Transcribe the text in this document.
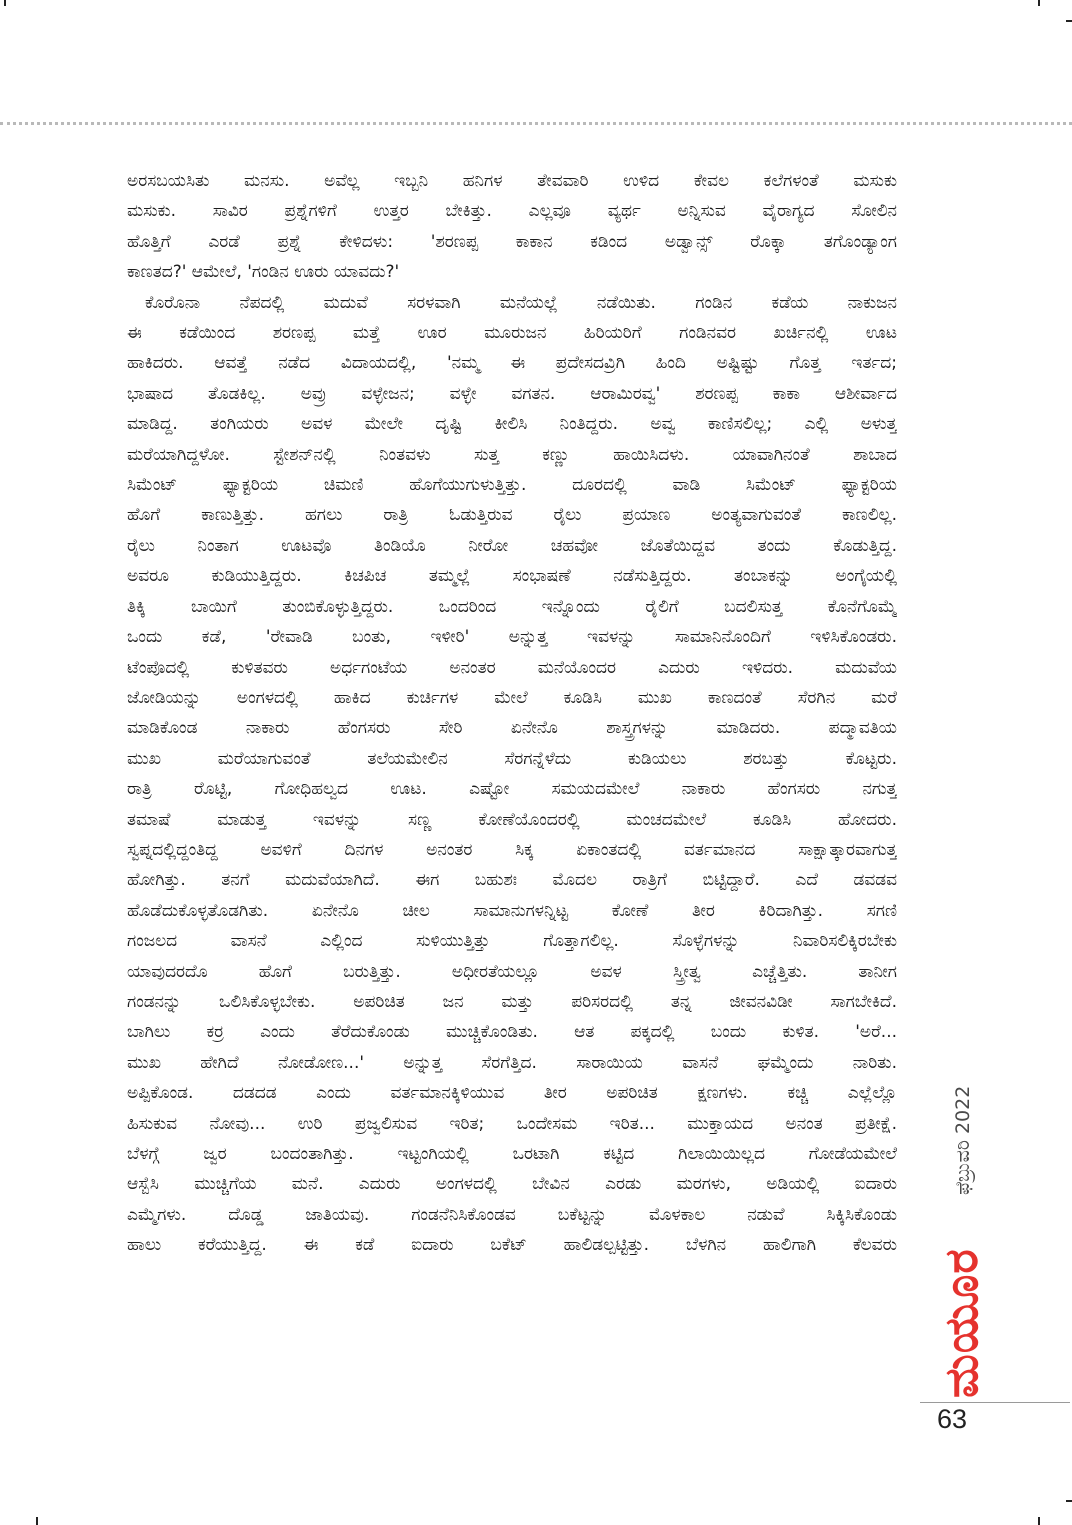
ಅರಸಬಯಸಿತು ಮನಸು. ಅವೆಲ್ಲ ಇಬ್ಬನಿ ಹನಿಗಳ ತೇವವಾರಿ ಉಳಿದ ಕೇವಲ ಕಲೆಗಳಂತೆ ಮಸುಕು
ಮಸುಕು. ಸಾವಿರ ಪ್ರಶ್ನೆಗಳಿಗೆ ಉತ್ತರ ಬೇಕಿತ್ತು. ಎಲ್ಲವೂ ವ್ಯರ್ಥ ಅನ್ನಿಸುವ ವೈರಾಗ್ಯದ ಸೋಲಿನ
ಹೊತ್ತಿಗೆ ಎರಡೆ ಪ್ರಶ್ನೆ ಕೇಳಿದಳು: 'ಶರಣಪ್ಪ ಕಾಕಾನ ಕಡಿಂದ ಅಡ್ವಾನ್ಸ್ ರೊಕ್ಕಾ ತಗೊಂಡ್ಯಾಂಗ
ಕಾಣತದ?' ಆಮೇಲೆ, 'ಗಂಡಿನ ಊರು ಯಾವದು?'

ಕೊರೊನಾ ನೆಪದಲ್ಲಿ ಮದುವೆ ಸರಳವಾಗಿ ಮನೆಯಲ್ಲೆ ನಡೆಯಿತು. ಗಂಡಿನ ಕಡೆಯ ನಾಕುಜನ
ಈ ಕಡೆಯಿಂದ ಶರಣಪ್ಪ ಮತ್ತೆ ಊರ ಮೂರುಜನ ಹಿರಿಯರಿಗೆ ಗಂಡಿನವರ ಖರ್ಚಿನಲ್ಲಿ ಊಟ
ಹಾಕಿದರು. ಆವತ್ತೆ ನಡೆದ ವಿದಾಯದಲ್ಲಿ, 'ನಮ್ಮ ಈ ಪ್ರದೇಸದವ್ರಿಗಿ ಹಿಂದಿ ಅಷ್ಟಿಷ್ಟು ಗೊತ್ತ ಇರ್ತದ;
ಭಾಷಾದ ತೊಡಕಿಲ್ಲ. ಅವ್ರು ವಳ್ಳೇಜನ; ವಳ್ಳೇ ವಗತನ. ಆರಾಮಿರವ್ವ' ಶರಣಪ್ಪ ಕಾಕಾ ಆಶೀರ್ವಾದ
ಮಾಡಿದ್ದ. ತಂಗಿಯರು ಅವಳ ಮೇಲೇ ದೃಷ್ಟಿ ಕೀಲಿಸಿ ನಿಂತಿದ್ದರು. ಅವ್ವ ಕಾಣಿಸಲಿಲ್ಲ; ಎಲ್ಲಿ ಅಳುತ್ತ
ಮರೆಯಾಗಿದ್ದಳೋ. ಸ್ಟೇಶನ್‌ನಲ್ಲಿ ನಿಂತವಳು ಸುತ್ತ ಕಣ್ಣು ಹಾಯಿಸಿದಳು. ಯಾವಾಗಿನಂತೆ ಶಾಬಾದ
ಸಿಮೆಂಟ್ ಫ್ಯಾಕ್ಟರಿಯ ಚಿಮಣಿ ಹೊಗೆಯುಗುಳುತ್ತಿತ್ತು. ದೂರದಲ್ಲಿ ವಾಡಿ ಸಿಮೆಂಟ್ ಫ್ಯಾಕ್ಟರಿಯ
ಹೊಗೆ ಕಾಣುತ್ತಿತ್ತು. ಹಗಲು ರಾತ್ರಿ ಓಡುತ್ತಿರುವ ರೈಲು ಪ್ರಯಾಣ ಅಂತ್ಯವಾಗುವಂತೆ ಕಾಣಲಿಲ್ಲ.
ರೈಲು ನಿಂತಾಗ ಊಟವೊ ತಿಂಡಿಯೊ ನೀರೋ ಚಹವೋ ಜೊತೆಯಿದ್ದವ ತಂದು ಕೊಡುತ್ತಿದ್ದ.
ಅವರೂ ಕುಡಿಯುತ್ತಿದ್ದರು. ಕಿಚಪಿಚ ತಮ್ಮಲ್ಲೆ ಸಂಭಾಷಣೆ ನಡೆಸುತ್ತಿದ್ದರು. ತಂಬಾಕನ್ನು ಅಂಗೈಯಲ್ಲಿ
ತಿಕ್ಕಿ ಬಾಯಿಗೆ ತುಂಬಿಕೊಳ್ಳುತ್ತಿದ್ದರು. ಒಂದರಿಂದ ಇನ್ನೊಂದು ರೈಲಿಗೆ ಬದಲಿಸುತ್ತ ಕೊನೆಗೊಮ್ಮೆ
ಒಂದು ಕಡೆ, 'ರೇವಾಡಿ ಬಂತು, ಇಳೀರಿ' ಅನ್ನುತ್ತ ಇವಳನ್ನು ಸಾಮಾನಿನೊಂದಿಗೆ ಇಳಿಸಿಕೊಂಡರು.
ಟೆಂಪೊದಲ್ಲಿ ಕುಳಿತವರು ಅರ್ಧಗಂಟೆಯ ಅನಂತರ ಮನೆಯೊಂದರ ಎದುರು ಇಳಿದರು. ಮದುವೆಯ
ಜೋಡಿಯನ್ನು ಅಂಗಳದಲ್ಲಿ ಹಾಕಿದ ಕುರ್ಚಿಗಳ ಮೇಲೆ ಕೂಡಿಸಿ ಮುಖ ಕಾಣದಂತೆ ಸೆರಗಿನ ಮರೆ
ಮಾಡಿಕೊಂಡ ನಾಕಾರು ಹೆಂಗಸರು ಸೇರಿ ಏನೇನೊ ಶಾಸ್ತ್ರಗಳನ್ನು ಮಾಡಿದರು. ಪದ್ಮಾವತಿಯ
ಮುಖ ಮರೆಯಾಗುವಂತೆ ತಲೆಯಮೇಲಿನ ಸೆರಗನ್ನೆಳೆದು ಕುಡಿಯಲು ಶರಬತ್ತು ಕೊಟ್ಟರು.
ರಾತ್ರಿ ರೊಟ್ಟಿ, ಗೋಧಿಹಲ್ವದ ಊಟ. ಎಷ್ಟೋ ಸಮಯದಮೇಲೆ ನಾಕಾರು ಹೆಂಗಸರು ನಗುತ್ತ
ತಮಾಷೆ ಮಾಡುತ್ತ ಇವಳನ್ನು ಸಣ್ಣ ಕೋಣೆಯೊಂದರಲ್ಲಿ ಮಂಚದಮೇಲೆ ಕೂಡಿಸಿ ಹೋದರು.
ಸ್ವಪ್ನದಲ್ಲಿದ್ದಂತಿದ್ದ ಅವಳಿಗೆ ದಿನಗಳ ಅನಂತರ ಸಿಕ್ಕ ಏಕಾಂತದಲ್ಲಿ ವರ್ತಮಾನದ ಸಾಕ್ಷಾತ್ಕಾರವಾಗುತ್ತ
ಹೋಗಿತ್ತು. ತನಗೆ ಮದುವೆಯಾಗಿದೆ. ಈಗ ಬಹುಶಃ ಮೊದಲ ರಾತ್ರಿಗೆ ಬಿಟ್ಟಿದ್ದಾರೆ. ಎದೆ ಡವಡವ
ಹೊಡೆದುಕೊಳ್ಳತೊಡಗಿತು. ಏನೇನೊ ಚೀಲ ಸಾಮಾನುಗಳನ್ನಿಟ್ಟ ಕೋಣೆ ತೀರ ಕಿರಿದಾಗಿತ್ತು. ಸಗಣಿ
ಗಂಜಲದ ವಾಸನೆ ಎಲ್ಲಿಂದ ಸುಳಿಯುತ್ತಿತ್ತು ಗೊತ್ತಾಗಲಿಲ್ಲ. ಸೊಳ್ಳೆಗಳನ್ನು ನಿವಾರಿಸಲಿಕ್ಕಿರಬೇಕು
ಯಾವುದರದೊ ಹೊಗೆ ಬರುತ್ತಿತ್ತು. ಅಧೀರತೆಯಲ್ಲೂ ಅವಳ ಸ್ತ್ರೀತ್ವ ಎಚ್ಚೆತ್ತಿತು. ತಾನೀಗ
ಗಂಡನನ್ನು ಒಲಿಸಿಕೊಳ್ಳಬೇಕು. ಅಪರಿಚಿತ ಜನ ಮತ್ತು ಪರಿಸರದಲ್ಲಿ ತನ್ನ ಜೀವನವಿಡೀ ಸಾಗಬೇಕಿದೆ.
ಬಾಗಿಲು ಕರ್ರ ಎಂದು ತೆರೆದುಕೊಂಡು ಮುಚ್ಚಿಕೊಂಡಿತು. ಆತ ಪಕ್ಕದಲ್ಲಿ ಬಂದು ಕುಳಿತ. 'ಅರೆ...
ಮುಖ ಹೇಗಿದೆ ನೋಡೋಣ...' ಅನ್ನುತ್ತ ಸೆರಗೆತ್ತಿದ. ಸಾರಾಯಿಯ ವಾಸನೆ ಘಮ್ಮೆಂದು ನಾರಿತು.
ಅಪ್ಪಿಕೊಂಡ. ದಡದಡ ಎಂದು ವರ್ತಮಾನಕ್ಕಿಳಿಯುವ ತೀರ ಅಪರಿಚಿತ ಕ್ಷಣಗಳು. ಕಚ್ಚಿ ಎಲ್ಲೆಲ್ಲೊ
ಹಿಸುಕುವ ನೋವು... ಉರಿ ಪ್ರಜ್ವಲಿಸುವ ಇರಿತ; ಒಂದೇಸಮ ಇರಿತ... ಮುಕ್ತಾಯದ ಅನಂತ ಪ್ರತೀಕ್ಷೆ.
ಬೆಳಗ್ಗೆ ಜ್ವರ ಬಂದಂತಾಗಿತ್ತು. ಇಟ್ಟಂಗಿಯಲ್ಲಿ ಒರಟಾಗಿ ಕಟ್ಟಿದ ಗಿಲಾಯಿಯಿಲ್ಲದ ಗೋಡೆಯಮೇಲೆ
ಆಸ್ಬೆಸಿ ಮುಚ್ಚಿಗೆಯ ಮನೆ. ಎದುರು ಅಂಗಳದಲ್ಲಿ ಬೇವಿನ ಎರಡು ಮರಗಳು, ಅಡಿಯಲ್ಲಿ ಐದಾರು
ಎಮ್ಮೆಗಳು. ದೊಡ್ಡ ಜಾತಿಯವು. ಗಂಡನೆನಿಸಿಕೊಂಡವ ಬಕೆಟ್ಟನ್ನು ಮೊಳಕಾಲ ನಡುವೆ ಸಿಕ್ಕಿಸಿಕೊಂಡು
ಹಾಲು ಕರೆಯುತ್ತಿದ್ದ. ಈ ಕಡೆ ಐದಾರು ಬಕೆಟ್ ಹಾಲಿಡಲ್ಪಟ್ಟಿತ್ತು. ಬೆಳಗಿನ ಹಾಲಿಗಾಗಿ ಕೆಲವರು

ಫೆಬ್ರುವರಿ 2022
ಮಯೂರ
63
